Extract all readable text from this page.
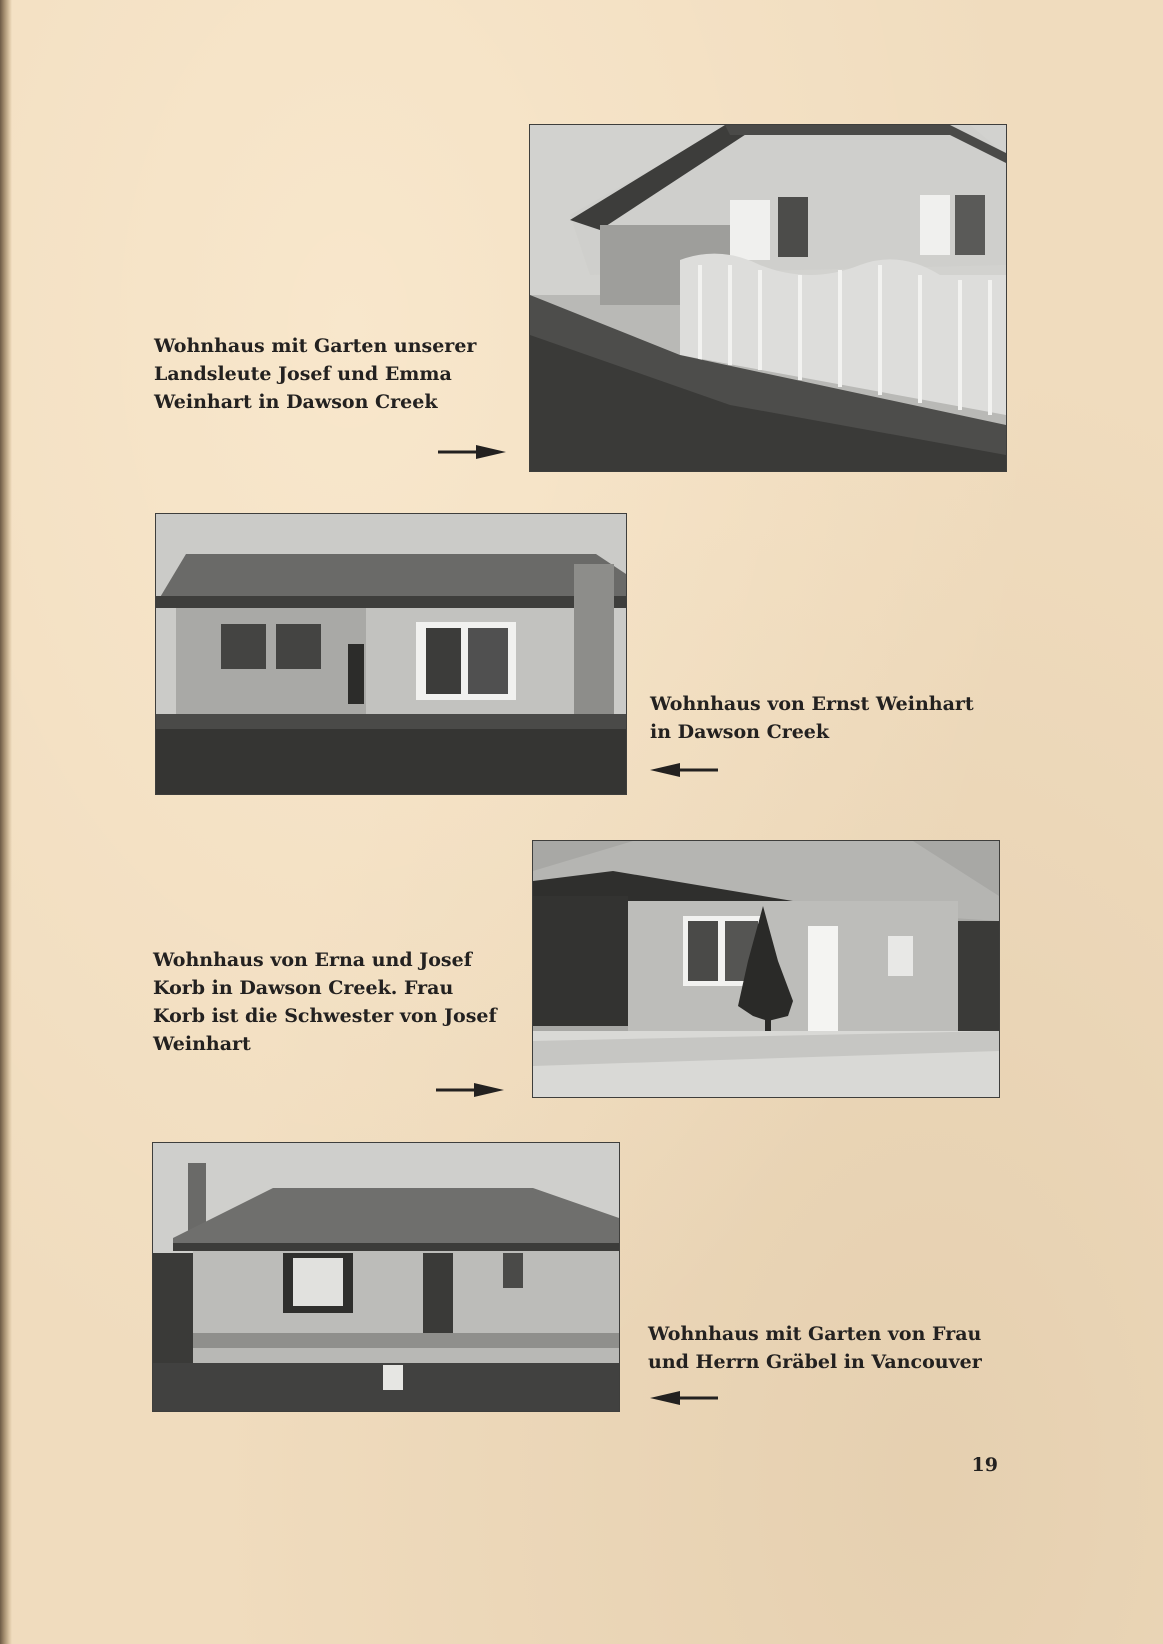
Wohnhaus mit Garten unserer
Landsleute Josef und Emma
Weinhart in Dawson Creek

Wohnhaus von Ernst Weinhart
in Dawson Creek

Wohnhaus von Erna und Josef
Korb in Dawson Creek. Frau
Korb ist die Schwester von Josef
Weinhart

Wohnhaus mit Garten von Frau
und Herrn Gräbel in Vancouver

19
